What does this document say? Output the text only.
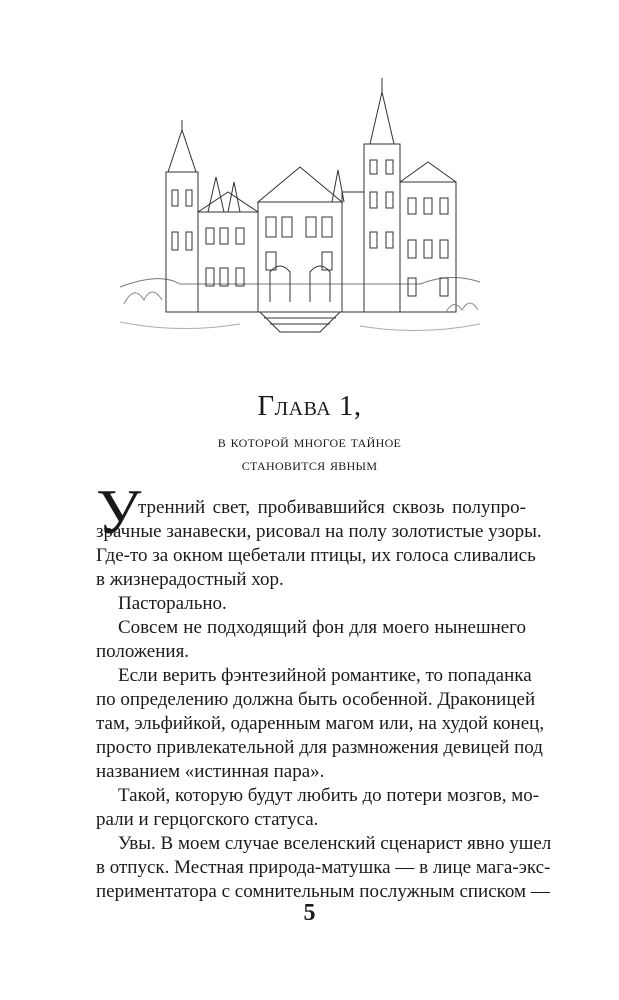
Глава 1,
в которой многое тайное
становится явным
У
тренний свет, пробивавшийся сквозь полупро-
зрачные занавески, рисовал на полу золотистые узоры.
Где-то за окном щебетали птицы, их голоса сливались
в жизнерадостный хор.
Пасторально.
Совсем не подходящий фон для моего нынешнего
положения.
Если верить фэнтезийной романтике, то попаданка
по определению должна быть особенной. Драконицей
там, эльфийкой, одаренным магом или, на худой конец,
просто привлекательной для размножения девицей под
названием «истинная пара».
Такой, которую будут любить до потери мозгов, мо-
рали и герцогского статуса.
Увы. В моем случае вселенский сценарист явно ушел
в отпуск. Местная природа-матушка — в лице мага-экс-
периментатора с сомнительным послужным списком —
5
